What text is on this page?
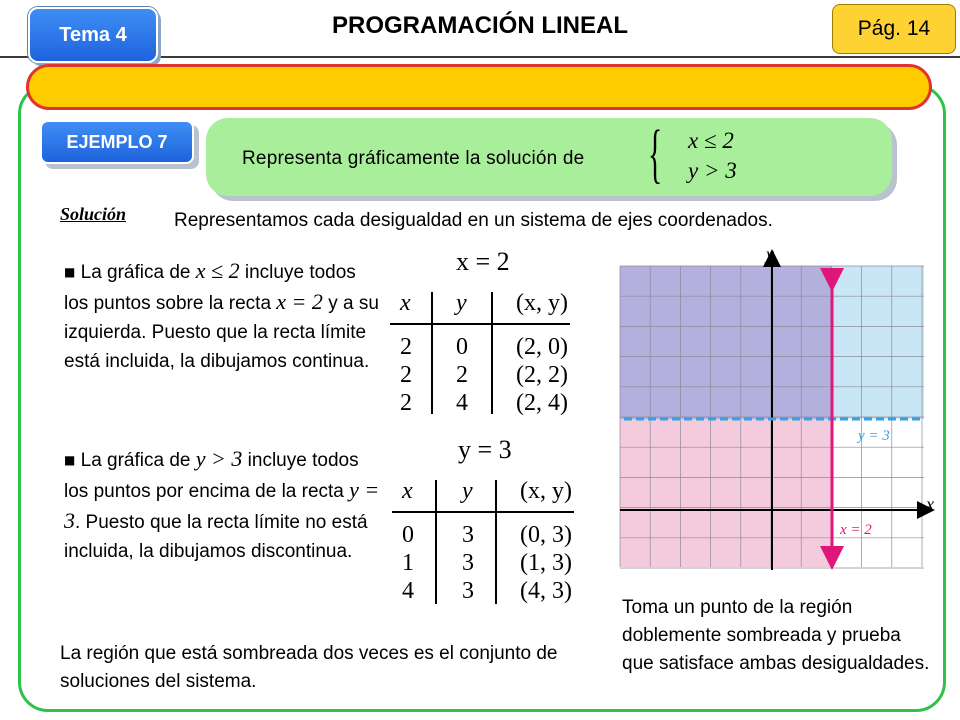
Tema 4	PROGRAMACIÓN LINEAL	Pág. 14
EJEMPLO 7
Representa gráficamente la solución de { x ≤ 2
y > 3
Solución	Representamos cada desigualdad en un sistema de ejes coordenados.
■ La gráfica de x ≤ 2 incluye todos los puntos sobre la recta x = 2 y a su izquierda. Puesto que la recta límite está incluida, la dibujamos continua.
■ La gráfica de y > 3 incluye todos los puntos por encima de la recta y = 3. Puesto que la recta límite no está incluida, la dibujamos discontinua.
x = 2
x y (x, y)
2 0 (2, 0)
2 2 (2, 2)
2 4 (2, 4)
y = 3
x y (x, y)
0 3 (0, 3)
1 3 (1, 3)
4 3 (4, 3)
y
x
y = 3
x = 2
La región que está sombreada dos veces es el conjunto de soluciones del sistema.
Toma un punto de la región doblemente sombreada y prueba que satisface ambas desigualdades.
